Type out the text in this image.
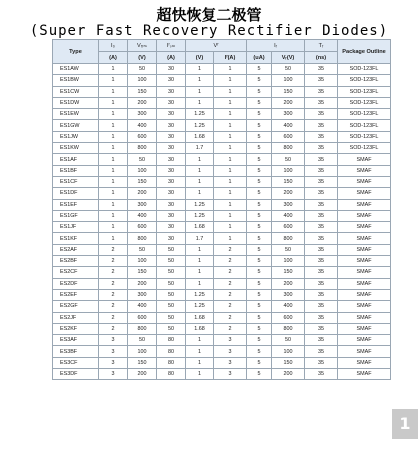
超快恢复二极管
(Super Fast Recovery Rectifier Diodes)
Type	I₀	Vᵣᵣₘ	Iᶠₛₘ	Vᶠ		Iᵣ		Tᵣ	Package Outline
	(A)	(V)	(A)	(V)	Iᶠ(A)	(uA)	Vᵣ(V)	(ns)	
ES1AW	1	50	30	1	1	5	50	35	SOD-123FL
ES1BW	1	100	30	1	1	5	100	35	SOD-123FL
ES1CW	1	150	30	1	1	5	150	35	SOD-123FL
ES1DW	1	200	30	1	1	5	200	35	SOD-123FL
ES1EW	1	300	30	1.25	1	5	300	35	SOD-123FL
ES1GW	1	400	30	1.25	1	5	400	35	SOD-123FL
ES1JW	1	600	30	1.68	1	5	600	35	SOD-123FL
ES1KW	1	800	30	1.7	1	5	800	35	SOD-123FL
ES1AF	1	50	30	1	1	5	50	35	SMAF
ES1BF	1	100	30	1	1	5	100	35	SMAF
ES1CF	1	150	30	1	1	5	150	35	SMAF
ES1DF	1	200	30	1	1	5	200	35	SMAF
ES1EF	1	300	30	1.25	1	5	300	35	SMAF
ES1GF	1	400	30	1.25	1	5	400	35	SMAF
ES1JF	1	600	30	1.68	1	5	600	35	SMAF
ES1KF	1	800	30	1.7	1	5	800	35	SMAF
ES2AF	2	50	50	1	2	5	50	35	SMAF
ES2BF	2	100	50	1	2	5	100	35	SMAF
ES2CF	2	150	50	1	2	5	150	35	SMAF
ES2DF	2	200	50	1	2	5	200	35	SMAF
ES2EF	2	300	50	1.25	2	5	300	35	SMAF
ES2GF	2	400	50	1.25	2	5	400	35	SMAF
ES2JF	2	600	50	1.68	2	5	600	35	SMAF
ES2KF	2	800	50	1.68	2	5	800	35	SMAF
ES3AF	3	50	80	1	3	5	50	35	SMAF
ES3BF	3	100	80	1	3	5	100	35	SMAF
ES3CF	3	150	80	1	3	5	150	35	SMAF
ES3DF	3	200	80	1	3	5	200	35	SMAF
1页
